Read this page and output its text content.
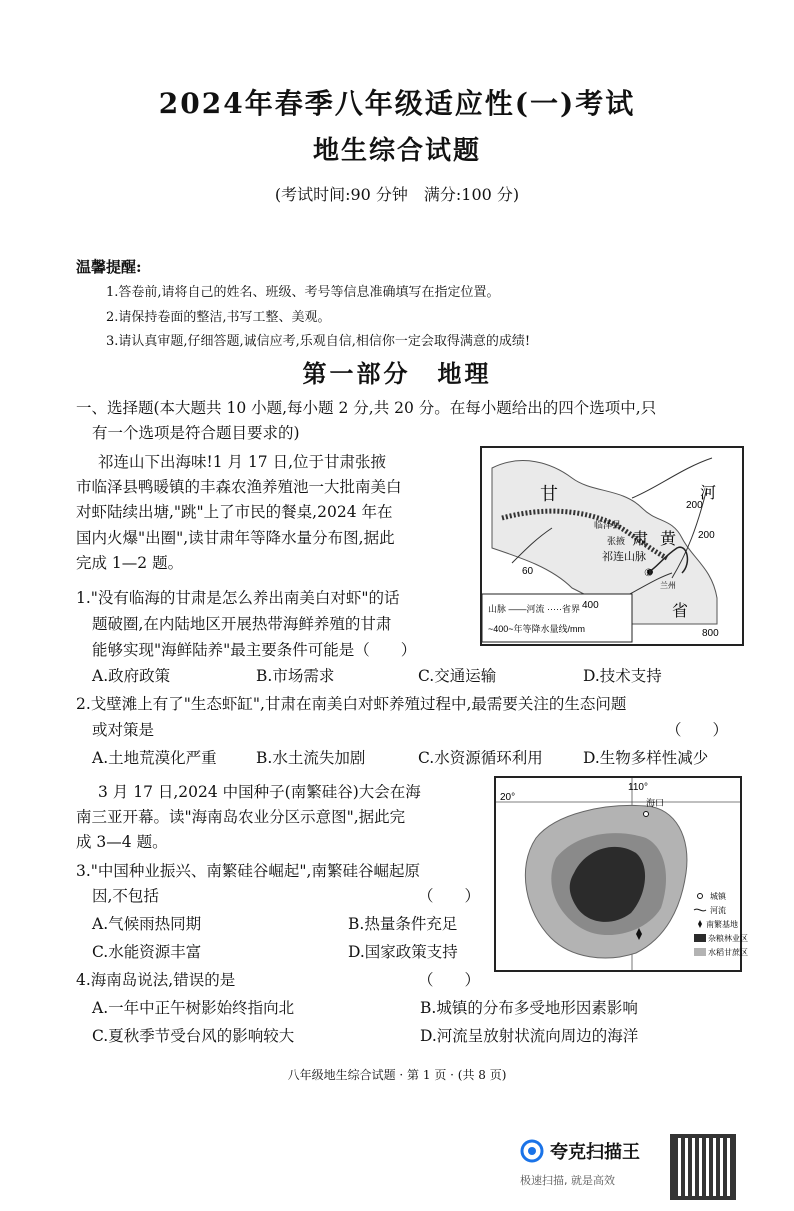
2024年春季八年级适应性(一)考试
地生综合试题
(考试时间:90 分钟　满分:100 分)
温馨提醒:
1.答卷前,请将自己的姓名、班级、考号等信息准确填写在指定位置。
2.请保持卷面的整洁,书写工整、美观。
3.请认真审题,仔细答题,诚信应考,乐观自信,相信你一定会取得满意的成绩!
第一部分　地理
一、选择题(本大题共 10 小题,每小题 2 分,共 20 分。在每小题给出的四个选项中,只
有一个选项是符合题目要求的)
祁连山下出海味!1 月 17 日,位于甘肃张掖
市临泽县鸭暖镇的丰森农渔养殖池一大批南美白
对虾陆续出塘,"跳"上了市民的餐桌,2024 年在
国内火爆"出圈",读甘肃年等降水量分布图,据此
完成 1—2 题。
1."没有临海的甘肃是怎么养出南美白对虾"的话
题破圈,在内陆地区开展热带海鲜养殖的甘肃
能够实现"海鲜陆养"最主要条件可能是（　　）
A.政府政策	B.市场需求	C.交通运输	D.技术支持
甘	河
肃 黄
省
临泽县
张掖
祁连山脉
兰州
①
200
200
60
400
800
山脉 ——河流 ·····省界
~400~年等降水量线/mm
2.戈壁滩上有了"生态虾缸",甘肃在南美白对虾养殖过程中,最需要关注的生态问题
或对策是	（　　）
A.土地荒漠化严重	B.水土流失加剧	C.水资源循环利用	D.生物多样性减少
3 月 17 日,2024 中国种子(南繁硅谷)大会在海
南三亚开幕。读"海南岛农业分区示意图",据此完
成 3—4 题。
3."中国种业振兴、南繁硅谷崛起",南繁硅谷崛起原
因,不包括	（　　）
A.气候雨热同期	B.热量条件充足
C.水能资源丰富	D.国家政策支持
110°
20°	海口
城镇
河流
南繁基地
杂粮林业区
水稻甘蔗区
4.海南岛说法,错误的是	（　　）
A.一年中正午树影始终指向北	B.城镇的分布多受地形因素影响
C.夏秋季节受台风的影响较大	D.河流呈放射状流向周边的海洋
八年级地生综合试题 · 第 1 页 · (共 8 页)
夸克扫描王
极速扫描, 就是高效
